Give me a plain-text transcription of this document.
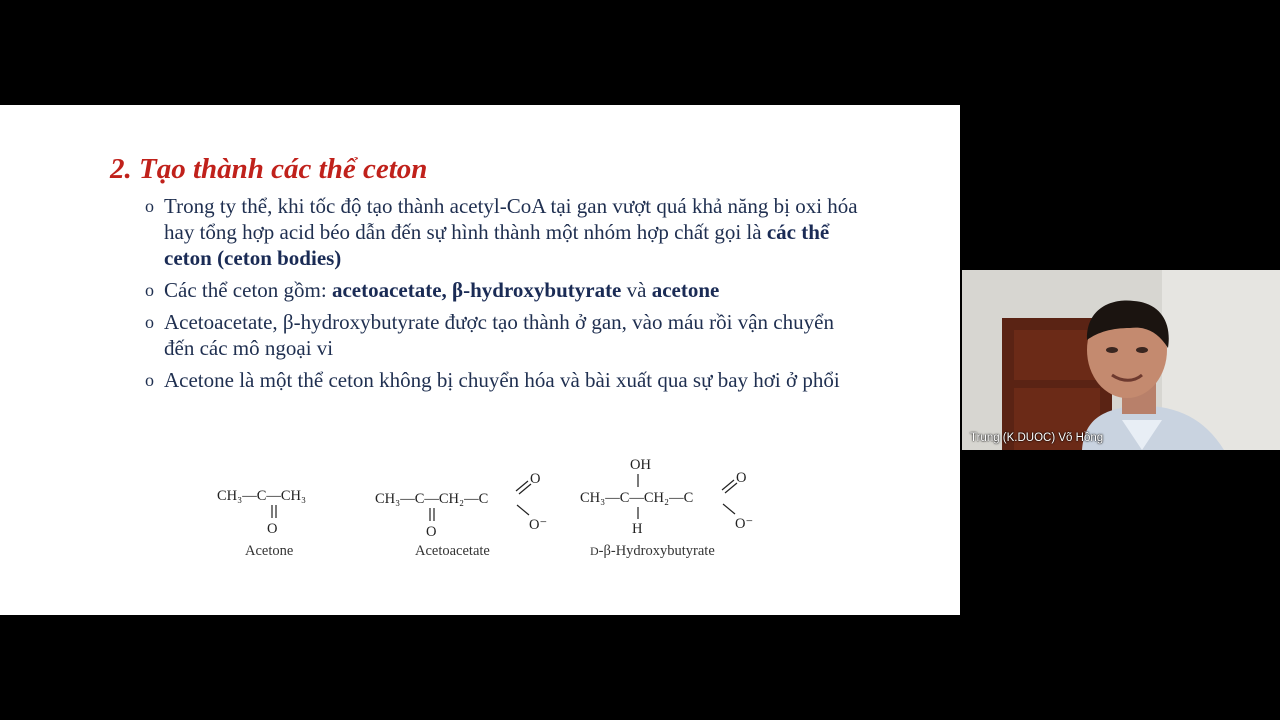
2. Tạo thành các thể ceton
o Trong ty thể, khi tốc độ tạo thành acetyl-CoA tại gan vượt quá khả năng bị oxi hóa hay tổng hợp acid béo dẫn đến sự hình thành một nhóm hợp chất gọi là các thể ceton (ceton bodies)
o Các thể ceton gồm: acetoacetate, β-hydroxybutyrate và acetone
o Acetoacetate, β-hydroxybutyrate được tạo thành ở gan, vào máu rồi vận chuyển đến các mô ngoại vi
o Acetone là một thể ceton không bị chuyển hóa và bài xuất qua sự bay hơi ở phổi
CH₃—C—CH₃
O
CH₃—C—CH₂—C
O
O
O⁻
OH
CH₃—C—CH₂—C
H
O
O⁻
Acetone	Acetoacetate	D-β-Hydroxybutyrate
Trung (K.DUOC) Võ Hồng
